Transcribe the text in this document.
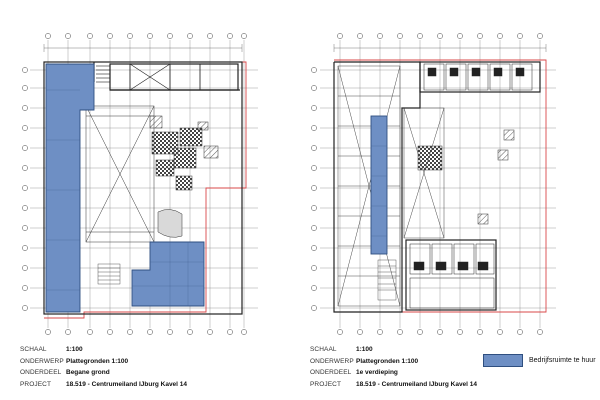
SCHAAL	1:100
ONDERWERP Plattegronden 1:100
ONDERDEEL Begane grond
PROJECT	18.519 - Centrumeiland IJburg Kavel 14
SCHAAL	1:100
ONDERWERP Plattegronden 1:100
ONDERDEEL 1e verdieping
PROJECT	18.519 - Centrumeiland IJburg Kavel 14
Bedrijfsruimte te huur
